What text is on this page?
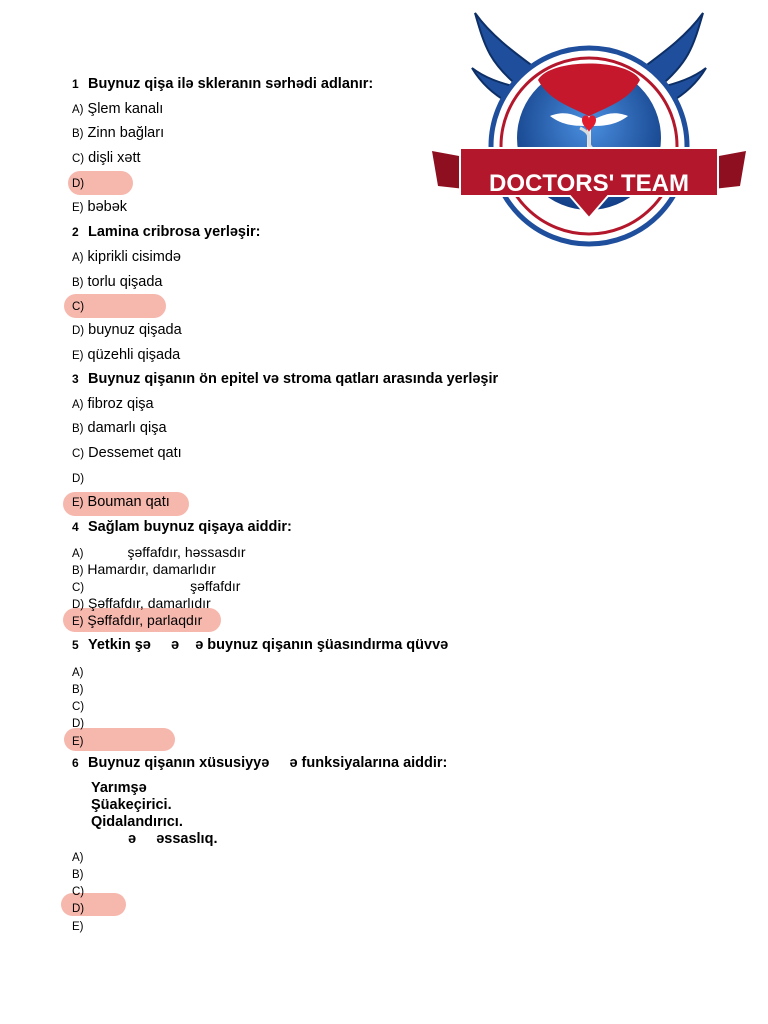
DOCTORS' TEAM
1 Buynuz qişa ilə skleranın sərhədi adlanır:
A) Şlem kanalı
B) Zinn bağları
C) dişli xətt
D)
E) bəbək
2 Lamina cribrosa yerləşir:
A) kiprikli cisimdə
B) torlu qişada
C)
D) buynuz qişada
E) qüzehli qişada
3 Buynuz qişanın ön epitel və stroma qatları arasında yerləşir
A) fibroz qişa
B) damarlı qişa
C) Dessemet qatı
D)
E) Bouman qatı
4 Sağlam buynuz qişaya aiddir:
A)	şəffafdır, həssasdır
B) Hamardır, damarlıdır
C)	şəffafdır
D) Şəffafdır, damarlıdır
E) Şəffafdır, parlaqdır
5 Yetkin şə     ə    ə buynuz qişanın şüasındırma qüvvə
A)
B)
C)
D)
E)
6 Buynuz qişanın xüsusiyyə     ə funksiyalarına aiddir:
Yarımşə
Şüakeçirici.
Qidalandırıcı.
ə     əssaslıq.
A)
B)
C)
D)
E)
